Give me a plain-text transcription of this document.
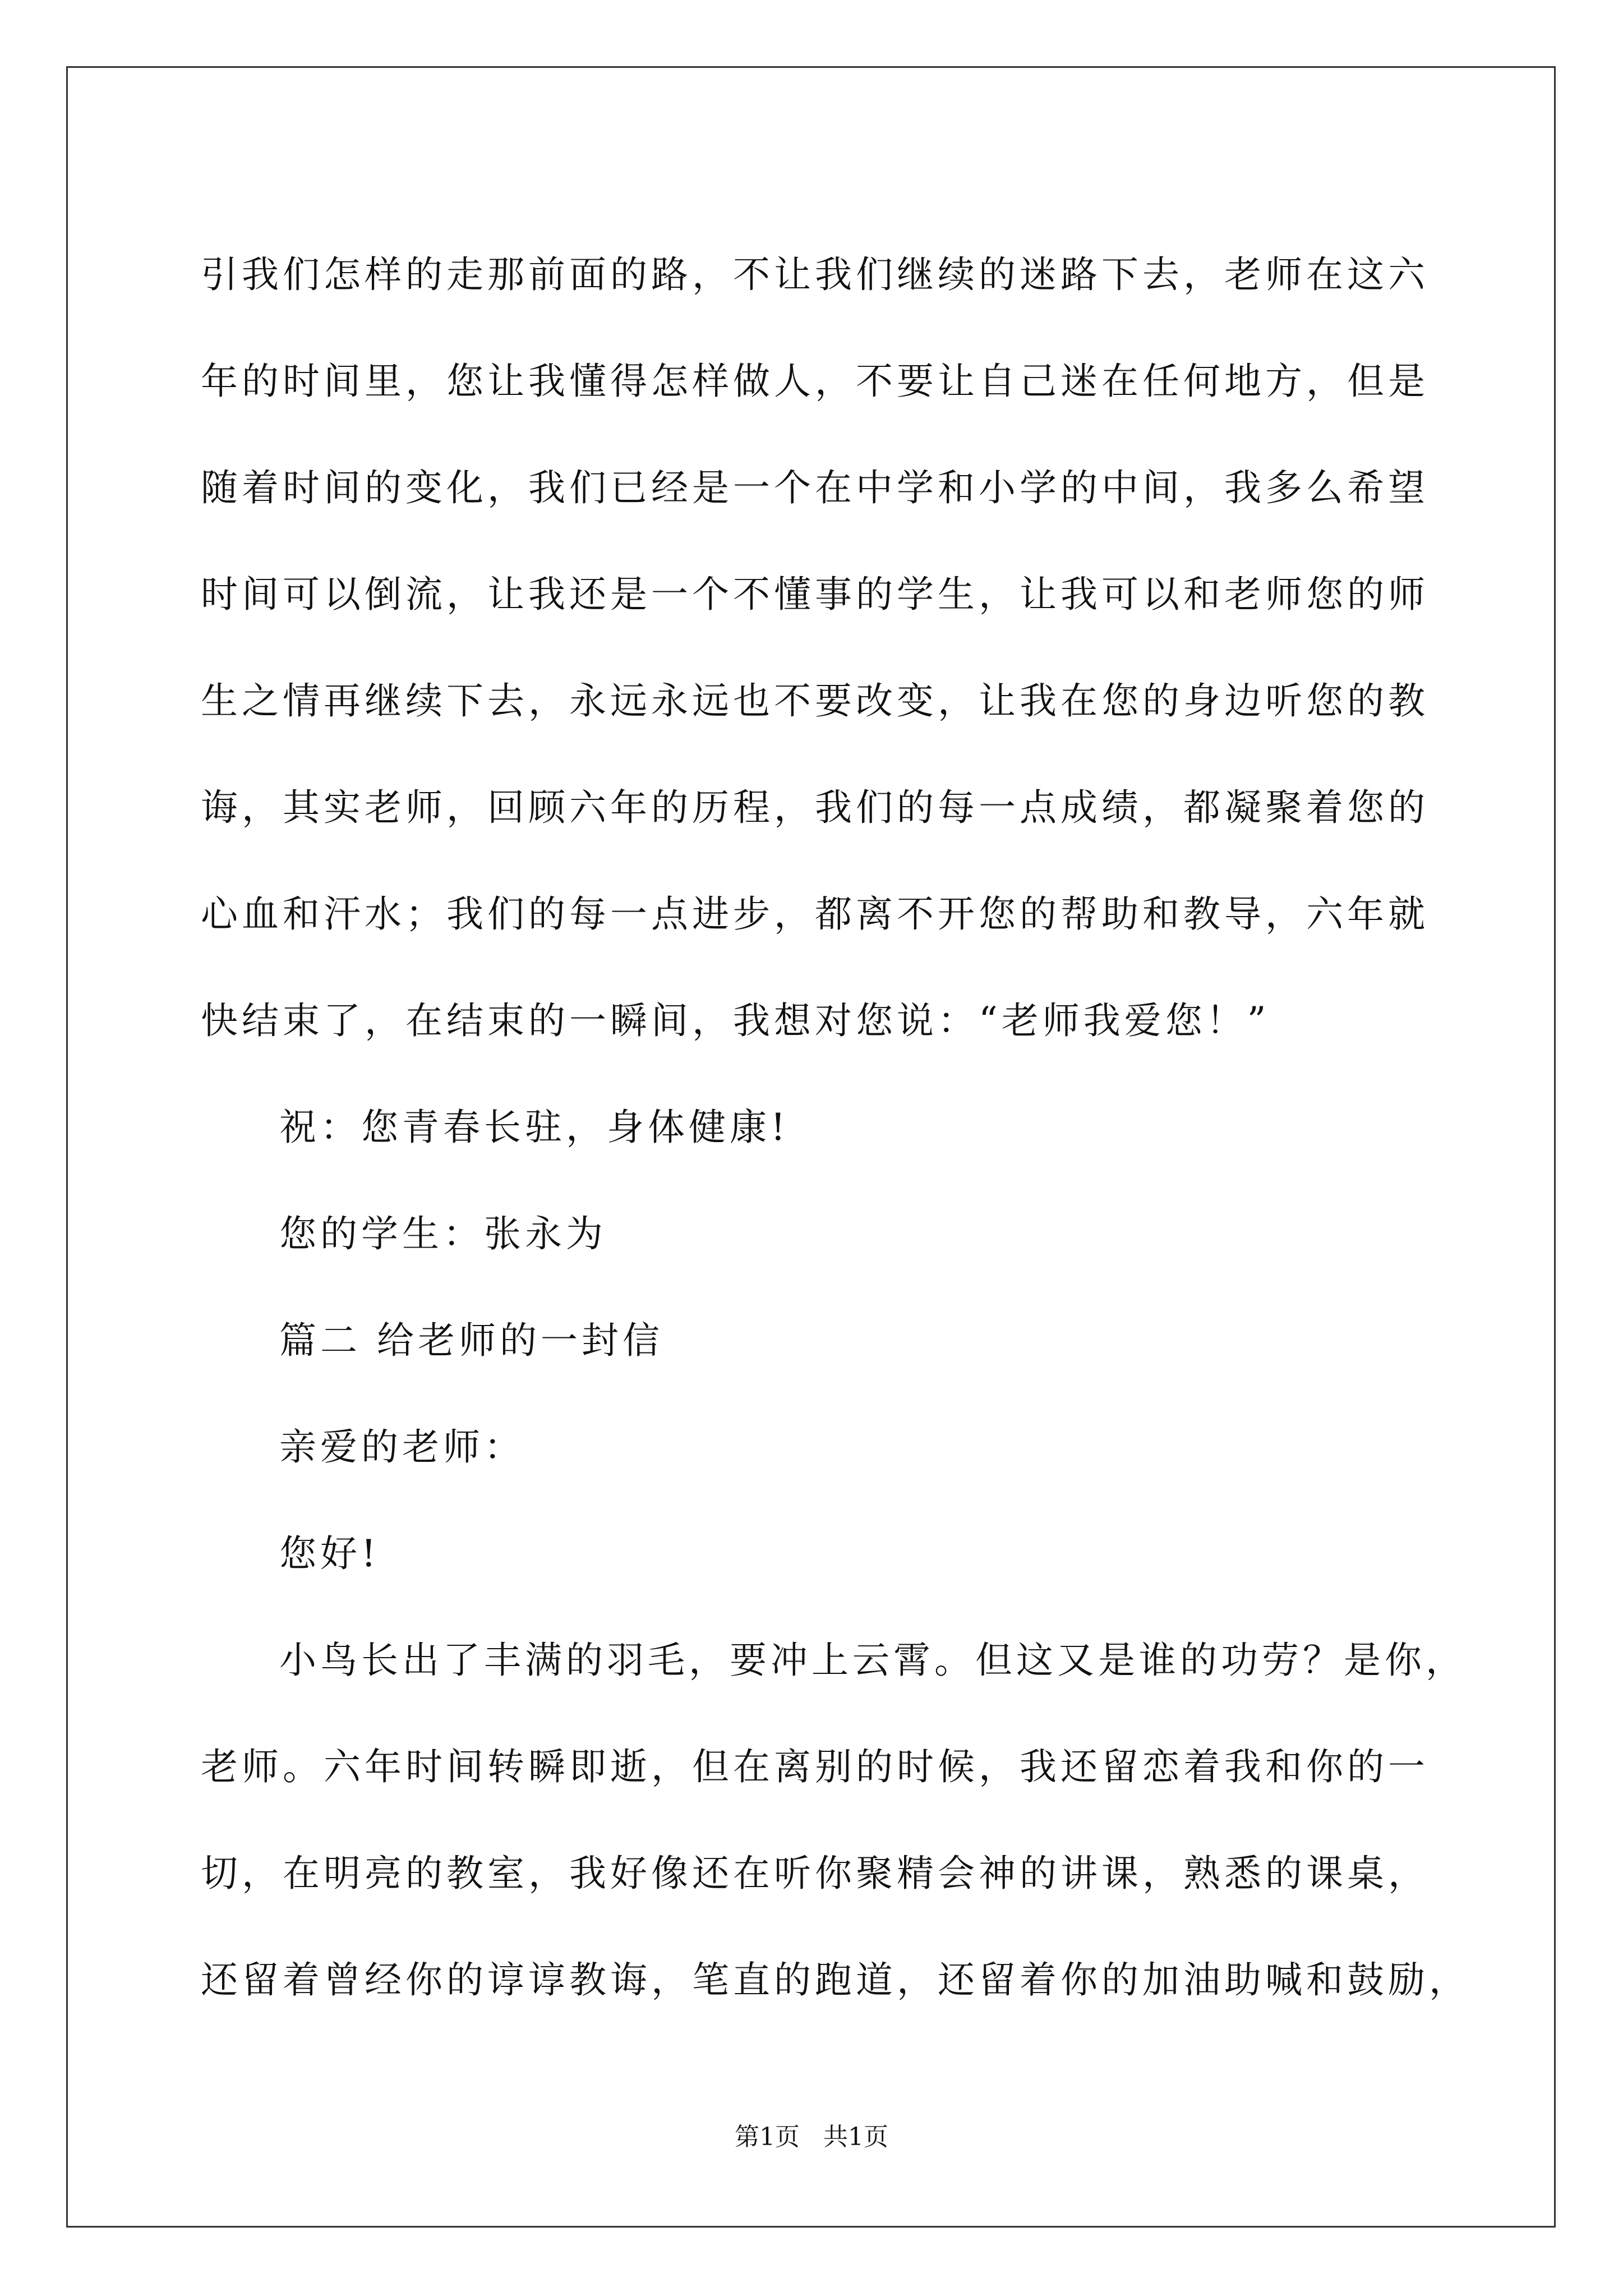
引我们怎样的走那前面的路，不让我们继续的迷路下去，老师在这六
年的时间里，您让我懂得怎样做人，不要让自己迷在任何地方，但是
随着时间的变化，我们已经是一个在中学和小学的中间，我多么希望
时间可以倒流，让我还是一个不懂事的学生，让我可以和老师您的师
生之情再继续下去，永远永远也不要改变，让我在您的身边听您的教
诲，其实老师，回顾六年的历程，我们的每一点成绩，都凝聚着您的
心血和汗水；我们的每一点进步，都离不开您的帮助和教导，六年就
快结束了，在结束的一瞬间，我想对您说：“老师我爱您！”
祝：您青春长驻，身体健康!
您的学生：张永为
篇二 给老师的一封信
亲爱的老师：
您好!
小鸟长出了丰满的羽毛，要冲上云霄。但这又是谁的功劳？是你，
老师。六年时间转瞬即逝，但在离别的时候，我还留恋着我和你的一
切，在明亮的教室，我好像还在听你聚精会神的讲课，熟悉的课桌，
还留着曾经你的谆谆教诲，笔直的跑道，还留着你的加油助喊和鼓励，
第1页   共1页
